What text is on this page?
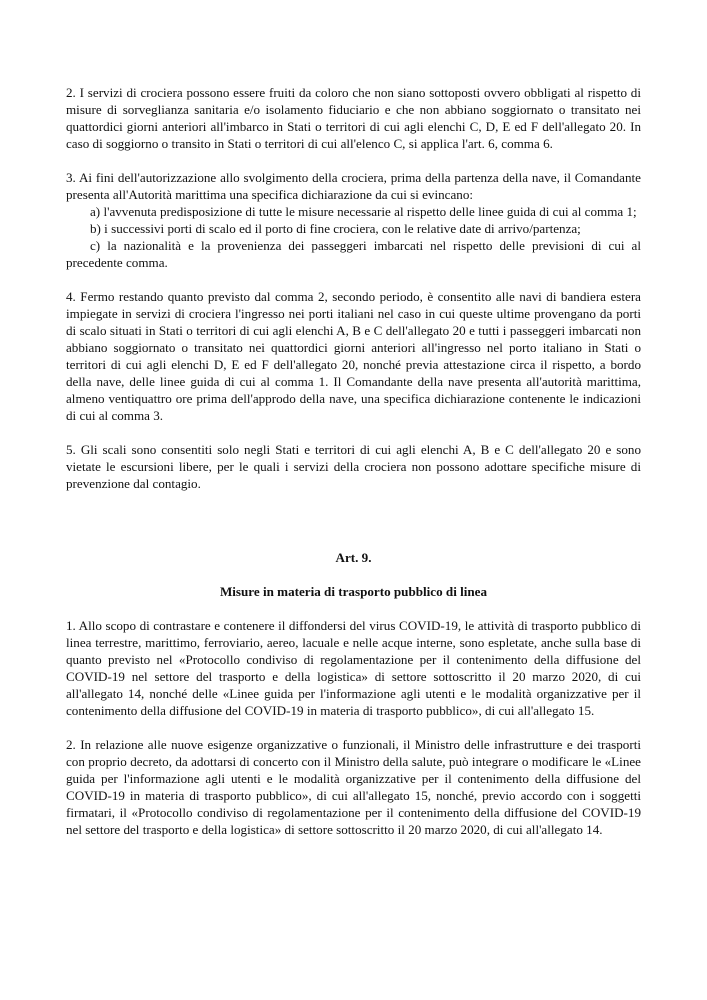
2. I servizi di crociera possono essere fruiti da coloro che non siano sottoposti ovvero obbligati al rispetto di misure di sorveglianza sanitaria e/o isolamento fiduciario e che non abbiano soggiornato o transitato nei quattordici giorni anteriori all'imbarco in Stati o territori di cui agli elenchi C, D, E ed F dell'allegato 20. In caso di soggiorno o transito in Stati o territori di cui all'elenco C, si applica l'art. 6, comma 6.

3. Ai fini dell'autorizzazione allo svolgimento della crociera, prima della partenza della nave, il Comandante presenta all'Autorità marittima una specifica dichiarazione da cui si evincano:

a) l'avvenuta predisposizione di tutte le misure necessarie al rispetto delle linee guida di cui al comma 1;

b) i successivi porti di scalo ed il porto di fine crociera, con le relative date di arrivo/partenza;

c) la nazionalità e la provenienza dei passeggeri imbarcati nel rispetto delle previsioni di cui al precedente comma.

4. Fermo restando quanto previsto dal comma 2, secondo periodo, è consentito alle navi di bandiera estera impiegate in servizi di crociera l'ingresso nei porti italiani nel caso in cui queste ultime provengano da porti di scalo situati in Stati o territori di cui agli elenchi A, B e C dell'allegato 20 e tutti i passeggeri imbarcati non abbiano soggiornato o transitato nei quattordici giorni anteriori all'ingresso nel porto italiano in Stati o territori di cui agli elenchi D, E ed F dell'allegato 20, nonché previa attestazione circa il rispetto, a bordo della nave, delle linee guida di cui al comma 1. Il Comandante della nave presenta all'autorità marittima, almeno ventiquattro ore prima dell'approdo della nave, una specifica dichiarazione contenente le indicazioni di cui al comma 3.

5. Gli scali sono consentiti solo negli Stati e territori di cui agli elenchi A, B e C dell'allegato 20 e sono vietate le escursioni libere, per le quali i servizi della crociera non possono adottare specifiche misure di prevenzione dal contagio.

Art. 9.
Misure in materia di trasporto pubblico di linea

1. Allo scopo di contrastare e contenere il diffondersi del virus COVID-19, le attività di trasporto pubblico di linea terrestre, marittimo, ferroviario, aereo, lacuale e nelle acque interne, sono espletate, anche sulla base di quanto previsto nel «Protocollo condiviso di regolamentazione per il contenimento della diffusione del COVID-19 nel settore del trasporto e della logistica» di settore sottoscritto il 20 marzo 2020, di cui all'allegato 14, nonché delle «Linee guida per l'informazione agli utenti e le modalità organizzative per il contenimento della diffusione del COVID-19 in materia di trasporto pubblico», di cui all'allegato 15.

2. In relazione alle nuove esigenze organizzative o funzionali, il Ministro delle infrastrutture e dei trasporti con proprio decreto, da adottarsi di concerto con il Ministro della salute, può integrare o modificare le «Linee guida per l'informazione agli utenti e le modalità organizzative per il contenimento della diffusione del COVID-19 in materia di trasporto pubblico», di cui all'allegato 15, nonché, previo accordo con i soggetti firmatari, il «Protocollo condiviso di regolamentazione per il contenimento della diffusione del COVID-19 nel settore del trasporto e della logistica» di settore sottoscritto il 20 marzo 2020, di cui all'allegato 14.
